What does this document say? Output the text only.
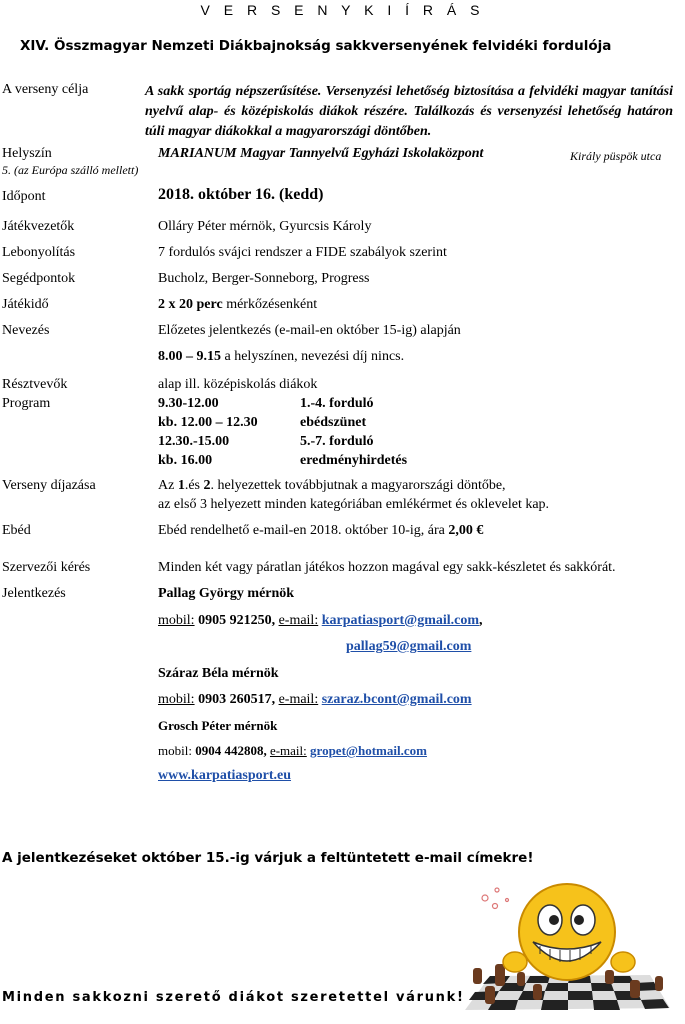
V E R S E N Y K I Í R Á S
XIV. Összmagyar Nemzeti Diákbajnokság sakkversenyének felvidéki fordulója
A verseny célja	A sakk sportág népszerűsítése. Versenyzési lehetőség biztosítása a felvidéki magyar tanítási nyelvű alap- és középiskolás diákok részére. Találkozás és versenyzési lehetőség határon túli magyar diákokkal a magyarországi döntőben.
Helyszín	MARIANUM Magyar Tannyelvű Egyházi Iskolaközpont	Király püspök utca
5. (az Európa szálló mellett)
Időpont	2018. október 16. (kedd)
Játékvezetők	Olláry Péter mérnök, Gyurcsis Károly
Lebonyolítás	7 fordulós svájci rendszer a FIDE szabályok szerint
Segédpontok	Bucholz, Berger-Sonneborg, Progress
Játékidő	2 x 20 perc mérkőzésenként
Nevezés	Előzetes jelentkezés (e-mail-en október 15-ig) alapján
8.00 – 9.15 a helyszínen, nevezési díj nincs.
Résztvevők	alap ill. középiskolás diákok
Program	9.30-12.00	1.-4. forduló
kb. 12.00 – 12.30	ebédszünet
12.30.-15.00	5.-7. forduló
kb. 16.00	eredményhirdetés
Verseny díjazása	Az 1.és 2. helyezettek továbbjutnak a magyarországi döntőbe,
az első 3 helyezett minden kategóriában emlékérmet és oklevelet kap.
Ebéd	Ebéd rendelhető e-mail-en 2018. október 10-ig, ára 2,00 €
Szervezői kérés	Minden két vagy páratlan játékos hozzon magával egy sakk-készletet és sakkórát.
Jelentkezés	Pallag György mérnök
mobil: 0905 921250, e-mail: karpatiasport@gmail.com,
pallag59@gmail.com
Száraz Béla mérnök
mobil: 0903 260517, e-mail: szaraz.bcont@gmail.com
Grosch Péter mérnök
mobil: 0904 442808, e-mail: gropet@hotmail.com
www.karpatiasport.eu
A jelentkezéseket október 15.-ig várjuk a feltüntetett e-mail címekre!
Minden sakkozni szerető diákot szeretettel várunk!
